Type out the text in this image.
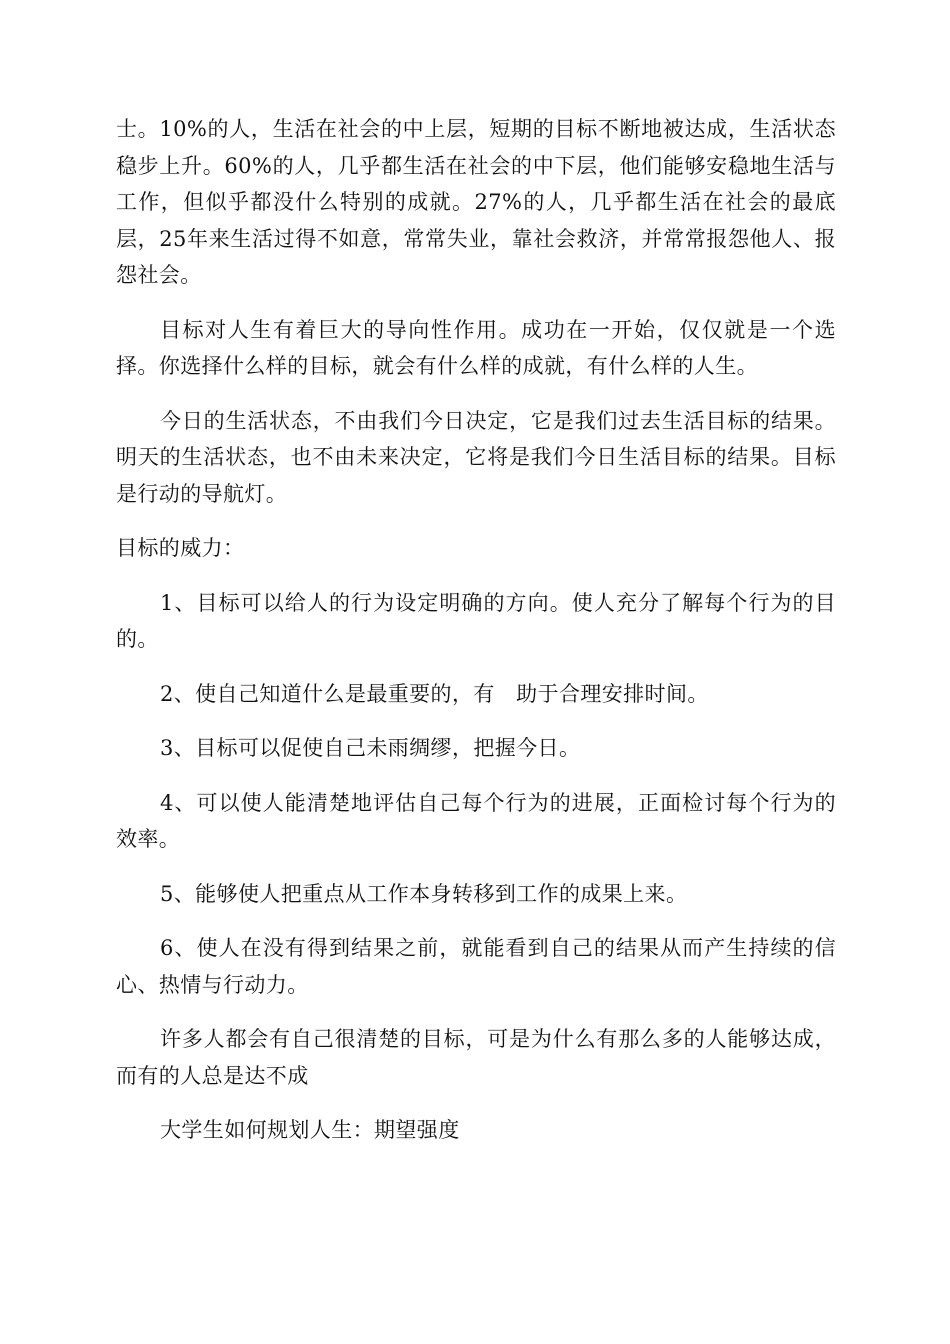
士。10%的人，生活在社会的中上层，短期的目标不断地被达成，生活状态稳步上升。60%的人，几乎都生活在社会的中下层，他们能够安稳地生活与工作，但似乎都没什么特别的成就。27%的人，几乎都生活在社会的最底层，25年来生活过得不如意，常常失业，靠社会救济，并常常报怨他人、报怨社会。

目标对人生有着巨大的导向性作用。成功在一开始，仅仅就是一个选择。你选择什么样的目标，就会有什么样的成就，有什么样的人生。

今日的生活状态，不由我们今日决定，它是我们过去生活目标的结果。明天的生活状态，也不由未来决定，它将是我们今日生活目标的结果。目标是行动的导航灯。

目标的威力：

1、目标可以给人的行为设定明确的方向。使人充分了解每个行为的目的。

2、使自己知道什么是最重要的，有　助于合理安排时间。

3、目标可以促使自己未雨绸缪，把握今日。

4、可以使人能清楚地评估自己每个行为的进展，正面检讨每个行为的效率。

5、能够使人把重点从工作本身转移到工作的成果上来。

6、使人在没有得到结果之前，就能看到自己的结果从而产生持续的信心、热情与行动力。

许多人都会有自己很清楚的目标，可是为什么有那么多的人能够达成，而有的人总是达不成

大学生如何规划人生：期望强度
